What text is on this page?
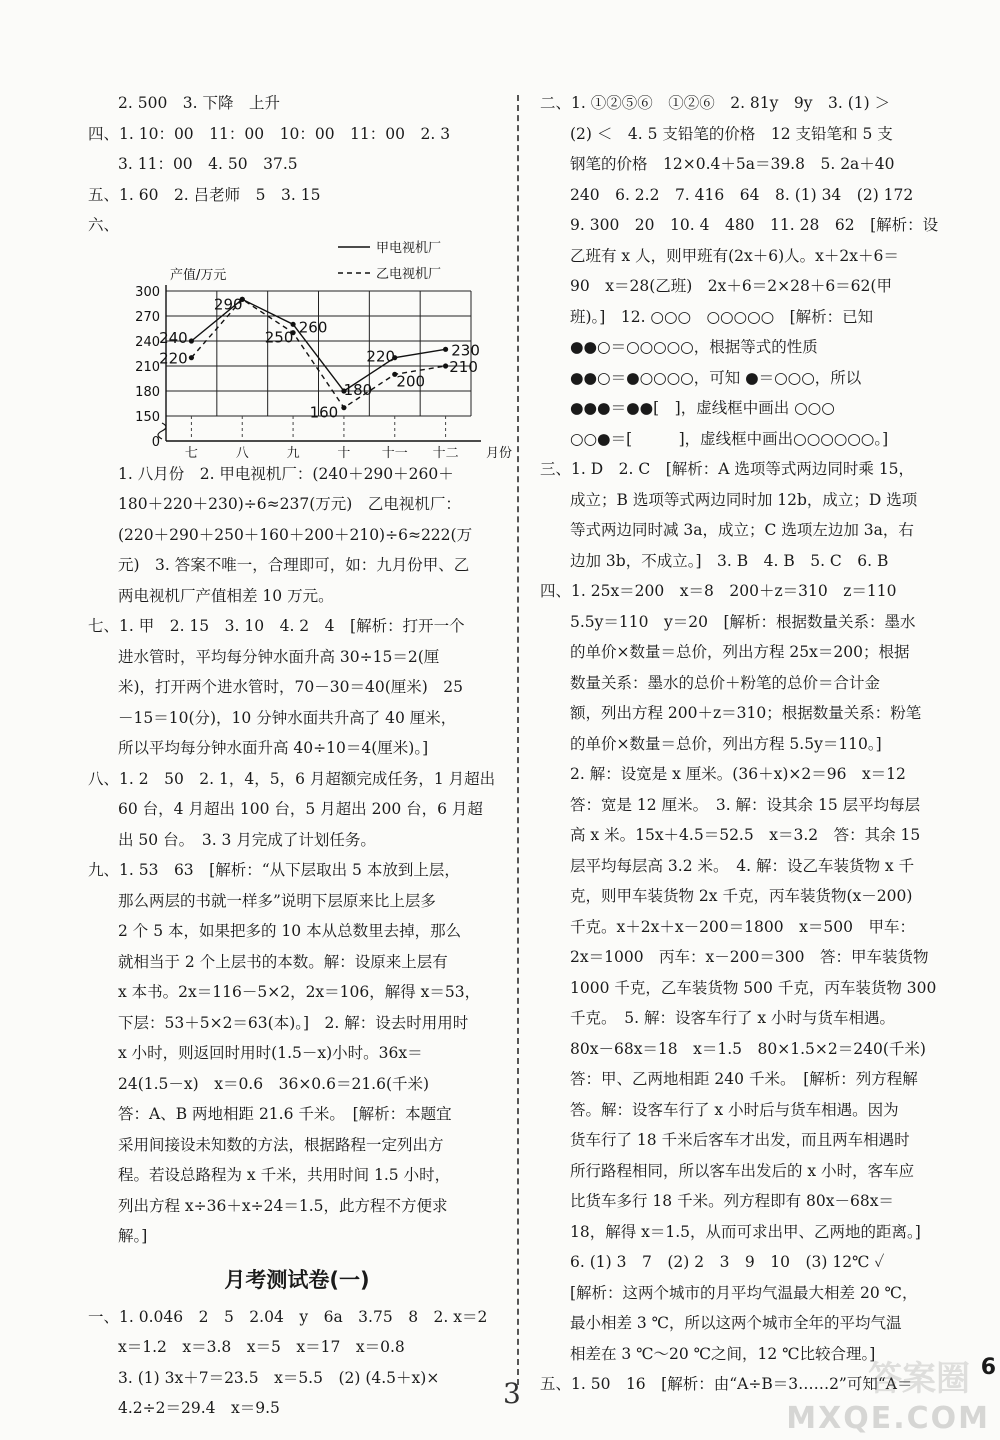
2. 500　3. 下降　上升
四、1. 10：00　11：00　10：00　11：00　2. 3
3. 11：00　4. 50　37.5
五、1. 60　2. 吕老师　5　3. 15
六、
0
150
180
210
240
270
300
七	八	九	十 十一 十二 月份
产值/万元
甲电视机厂
乙电视机厂
240
220
290
260
250
180
160
220
200
230
210
1. 八月份　2. 甲电视机厂：(240＋290＋260＋
180＋220＋230)÷6≈237(万元)　乙电视机厂：
(220＋290＋250＋160＋200＋210)÷6≈222(万
元)　3. 答案不唯一，合理即可，如：九月份甲、乙
两电视机厂产值相差 10 万元。
七、1. 甲　2. 15　3. 10　4. 2　4　[解析：打开一个
进水管时，平均每分钟水面升高 30÷15＝2(厘
米)，打开两个进水管时，70－30＝40(厘米)　25
－15＝10(分)，10 分钟水面共升高了 40 厘米，
所以平均每分钟水面升高 40÷10＝4(厘米)。]
八、1. 2　50　2. 1，4，5，6 月超额完成任务，1 月超出
60 台，4 月超出 100 台，5 月超出 200 台，6 月超
出 50 台。　3. 3 月完成了计划任务。
九、1. 53　63　[解析：“从下层取出 5 本放到上层，
那么两层的书就一样多”说明下层原来比上层多
2 个 5 本，如果把多的 10 本从总数里去掉，那么
就相当于 2 个上层书的本数。解：设原来上层有
x 本书。2x＝116－5×2，2x＝106，解得 x＝53，
下层：53＋5×2＝63(本)。]　2. 解：设去时用用时
x 小时，则返回时用时(1.5－x)小时。36x＝
24(1.5－x)　x＝0.6　36×0.6＝21.6(千米)
答：A、B 两地相距 21.6 千米。　[解析：本题宜
采用间接设未知数的方法，根据路程一定列出方
程。若设总路程为 x 千米，共用时间 1.5 小时，
列出方程 x÷36＋x÷24＝1.5，此方程不方便求
解。]
月考测试卷(一)
一、1. 0.046　2　5　2.04　y　6a　3.75　8　2. x＝2
x＝1.2　x＝3.8　x＝5　x＝17　x＝0.8
3. (1) 3x＋7＝23.5　x＝5.5　(2) (4.5＋x)×
4.2÷2＝29.4　x＝9.5
二、1. ①②⑤⑥　①②⑥　2. 81y　9y　3. (1) ＞
(2) ＜　4. 5 支铅笔的价格　12 支铅笔和 5 支
钢笔的价格　12×0.4＋5a＝39.8　5. 2a＋40
240　6. 2.2　7. 416　64　8. (1) 34　(2) 172
9. 300　20　10. 4　480　11. 28　62　[解析：设
乙班有 x 人，则甲班有(2x＋6)人。x＋2x＋6＝
90　x＝28(乙班)　2x＋6＝2×28＋6＝62(甲
班)。]　12. ○○○　○○○○○　[解析：已知
●●○＝○○○○○，根据等式的性质
●●○＝●○○○○，可知 ●＝○○○，所以
●●●＝●●[　]，虚线框中画出 ○○○
○○●＝[　　　]，虚线框中画出○○○○○○。]
三、1. D　2. C　[解析：A 选项等式两边同时乘 15，
成立；B 选项等式两边同时加 12b，成立；D 选项
等式两边同时减 3a，成立；C 选项左边加 3a，右
边加 3b，不成立。]　3. B　4. B　5. C　6. B
四、1. 25x＝200　x＝8　200＋z＝310　z＝110
5.5y＝110　y＝20　[解析：根据数量关系：墨水
的单价×数量＝总价，列出方程 25x＝200；根据
数量关系：墨水的总价＋粉笔的总价＝合计金
额，列出方程 200＋z＝310；根据数量关系：粉笔
的单价×数量＝总价，列出方程 5.5y＝110。]
2. 解：设宽是 x 厘米。(36＋x)×2＝96　x＝12
答：宽是 12 厘米。　3. 解：设其余 15 层平均每层
高 x 米。15x＋4.5＝52.5　x＝3.2　答：其余 15
层平均每层高 3.2 米。　4. 解：设乙车装货物 x 千
克，则甲车装货物 2x 千克，丙车装货物(x－200)
千克。x＋2x＋x－200＝1800　x＝500　甲车：
2x＝1000　丙车：x－200＝300　答：甲车装货物
1000 千克，乙车装货物 500 千克，丙车装货物 300
千克。　5. 解：设客车行了 x 小时与货车相遇。
80x－68x＝18　x＝1.5　80×1.5×2＝240(千米)
答：甲、乙两地相距 240 千米。　[解析：列方程解
答。解：设客车行了 x 小时后与货车相遇。因为
货车行了 18 千米后客车才出发，而且两车相遇时
所行路程相同，所以客车出发后的 x 小时，客车应
比货车多行 18 千米。列方程即有 80x－68x＝
18，解得 x＝1.5，从而可求出甲、乙两地的距离。]
6. (1) 3　7　(2) 2　3　9　10　(3) 12℃ ✓
[解析：这两个城市的月平均气温最大相差 20 ℃，
最小相差 3 ℃，所以这两个城市全年的平均气温
相差在 3 ℃～20 ℃之间，12 ℃比较合理。]
五、1. 50　16　[解析：由“A÷B＝3……2”可知“A＝
6
3	答案圈
MXQE.COM
